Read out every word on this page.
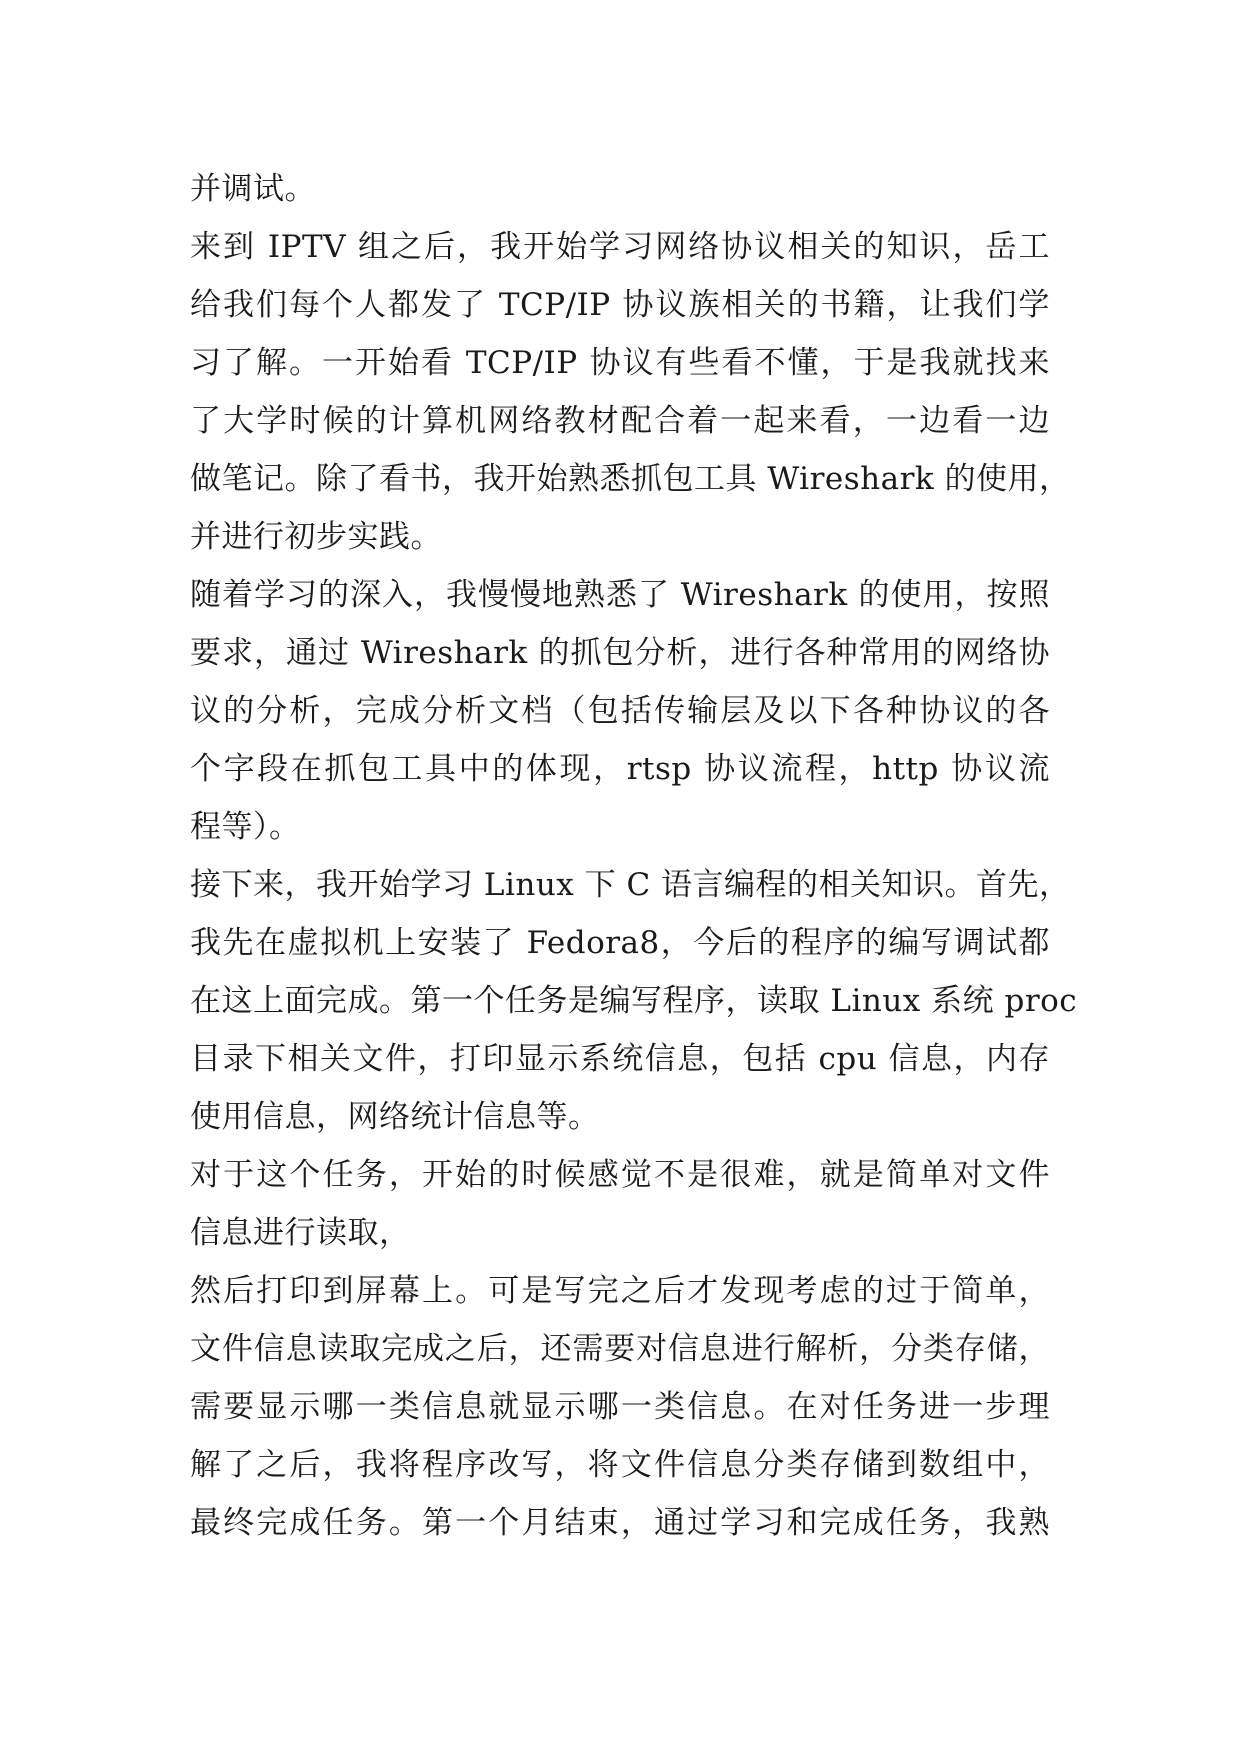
并调试。
来到 IPTV 组之后，我开始学习网络协议相关的知识，岳工
给我们每个人都发了 TCP/IP 协议族相关的书籍，让我们学
习了解。一开始看 TCP/IP 协议有些看不懂，于是我就找来
了大学时候的计算机网络教材配合着一起来看，一边看一边
做笔记。除了看书，我开始熟悉抓包工具 Wireshark 的使用，
并进行初步实践。
随着学习的深入，我慢慢地熟悉了 Wireshark 的使用，按照
要求，通过 Wireshark 的抓包分析，进行各种常用的网络协
议的分析，完成分析文档（包括传输层及以下各种协议的各
个字段在抓包工具中的体现，rtsp 协议流程，http 协议流
程等）。
接下来，我开始学习 Linux 下 C 语言编程的相关知识。首先，
我先在虚拟机上安装了 Fedora8，今后的程序的编写调试都
在这上面完成。第一个任务是编写程序，读取 Linux 系统 proc
目录下相关文件，打印显示系统信息，包括 cpu 信息，内存
使用信息，网络统计信息等。
对于这个任务，开始的时候感觉不是很难，就是简单对文件
信息进行读取，
然后打印到屏幕上。可是写完之后才发现考虑的过于简单，
文件信息读取完成之后，还需要对信息进行解析，分类存储，
需要显示哪一类信息就显示哪一类信息。在对任务进一步理
解了之后，我将程序改写，将文件信息分类存储到数组中，
最终完成任务。第一个月结束，通过学习和完成任务，我熟
